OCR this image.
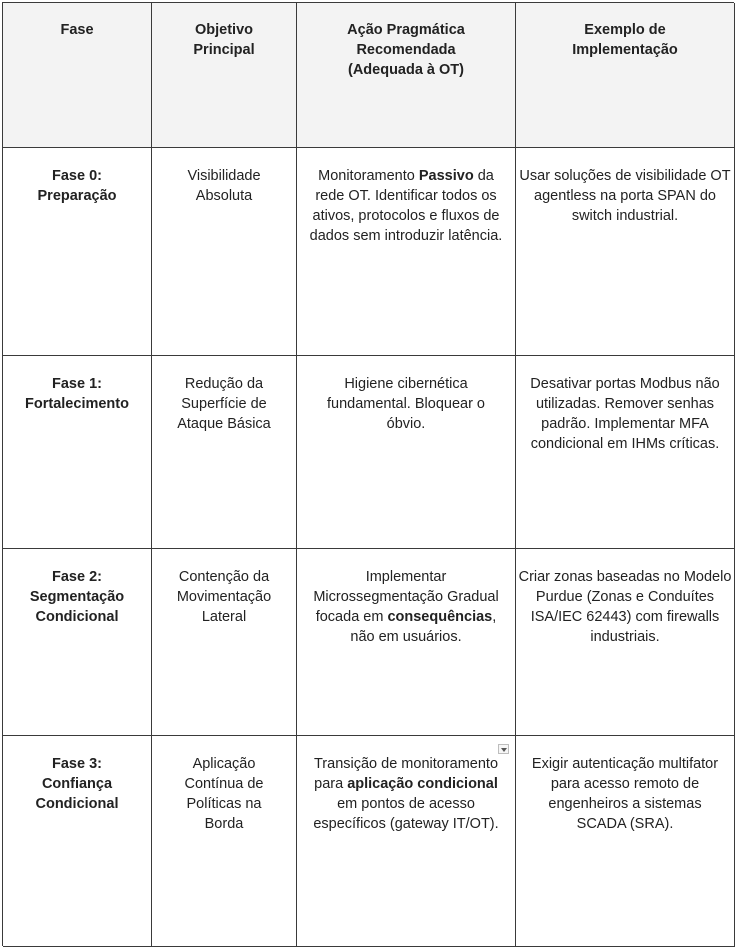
Fase	Objetivo Principal
Ação Pragmática Recomendada (Adequada à OT)
Exemplo de Implementação
Fase 0: Preparação
Visibilidade Absoluta
Monitoramento Passivo da rede OT. Identificar todos os ativos, protocolos e fluxos de dados sem introduzir latência.
Usar soluções de visibilidade OT agentless na porta SPAN do switch industrial.
Fase 1: Fortalecimento
Redução da Superfície de Ataque Básica
Higiene cibernética fundamental. Bloquear o óbvio.
Desativar portas Modbus não utilizadas. Remover senhas padrão. Implementar MFA condicional em IHMs críticas.
Fase 2: Segmentação Condicional
Contenção da Movimentação Lateral
Implementar Microssegmentação Gradual focada em consequências, não em usuários.
Criar zonas baseadas no Modelo Purdue (Zonas e Conduítes ISA/IEC 62443) com firewalls industriais.
Fase 3: Confiança Condicional
Aplicação Contínua de Políticas na Borda
Transição de monitoramento para aplicação condicional em pontos de acesso específicos (gateway IT/OT).
Exigir autenticação multifator para acesso remoto de engenheiros a sistemas SCADA (SRA).
